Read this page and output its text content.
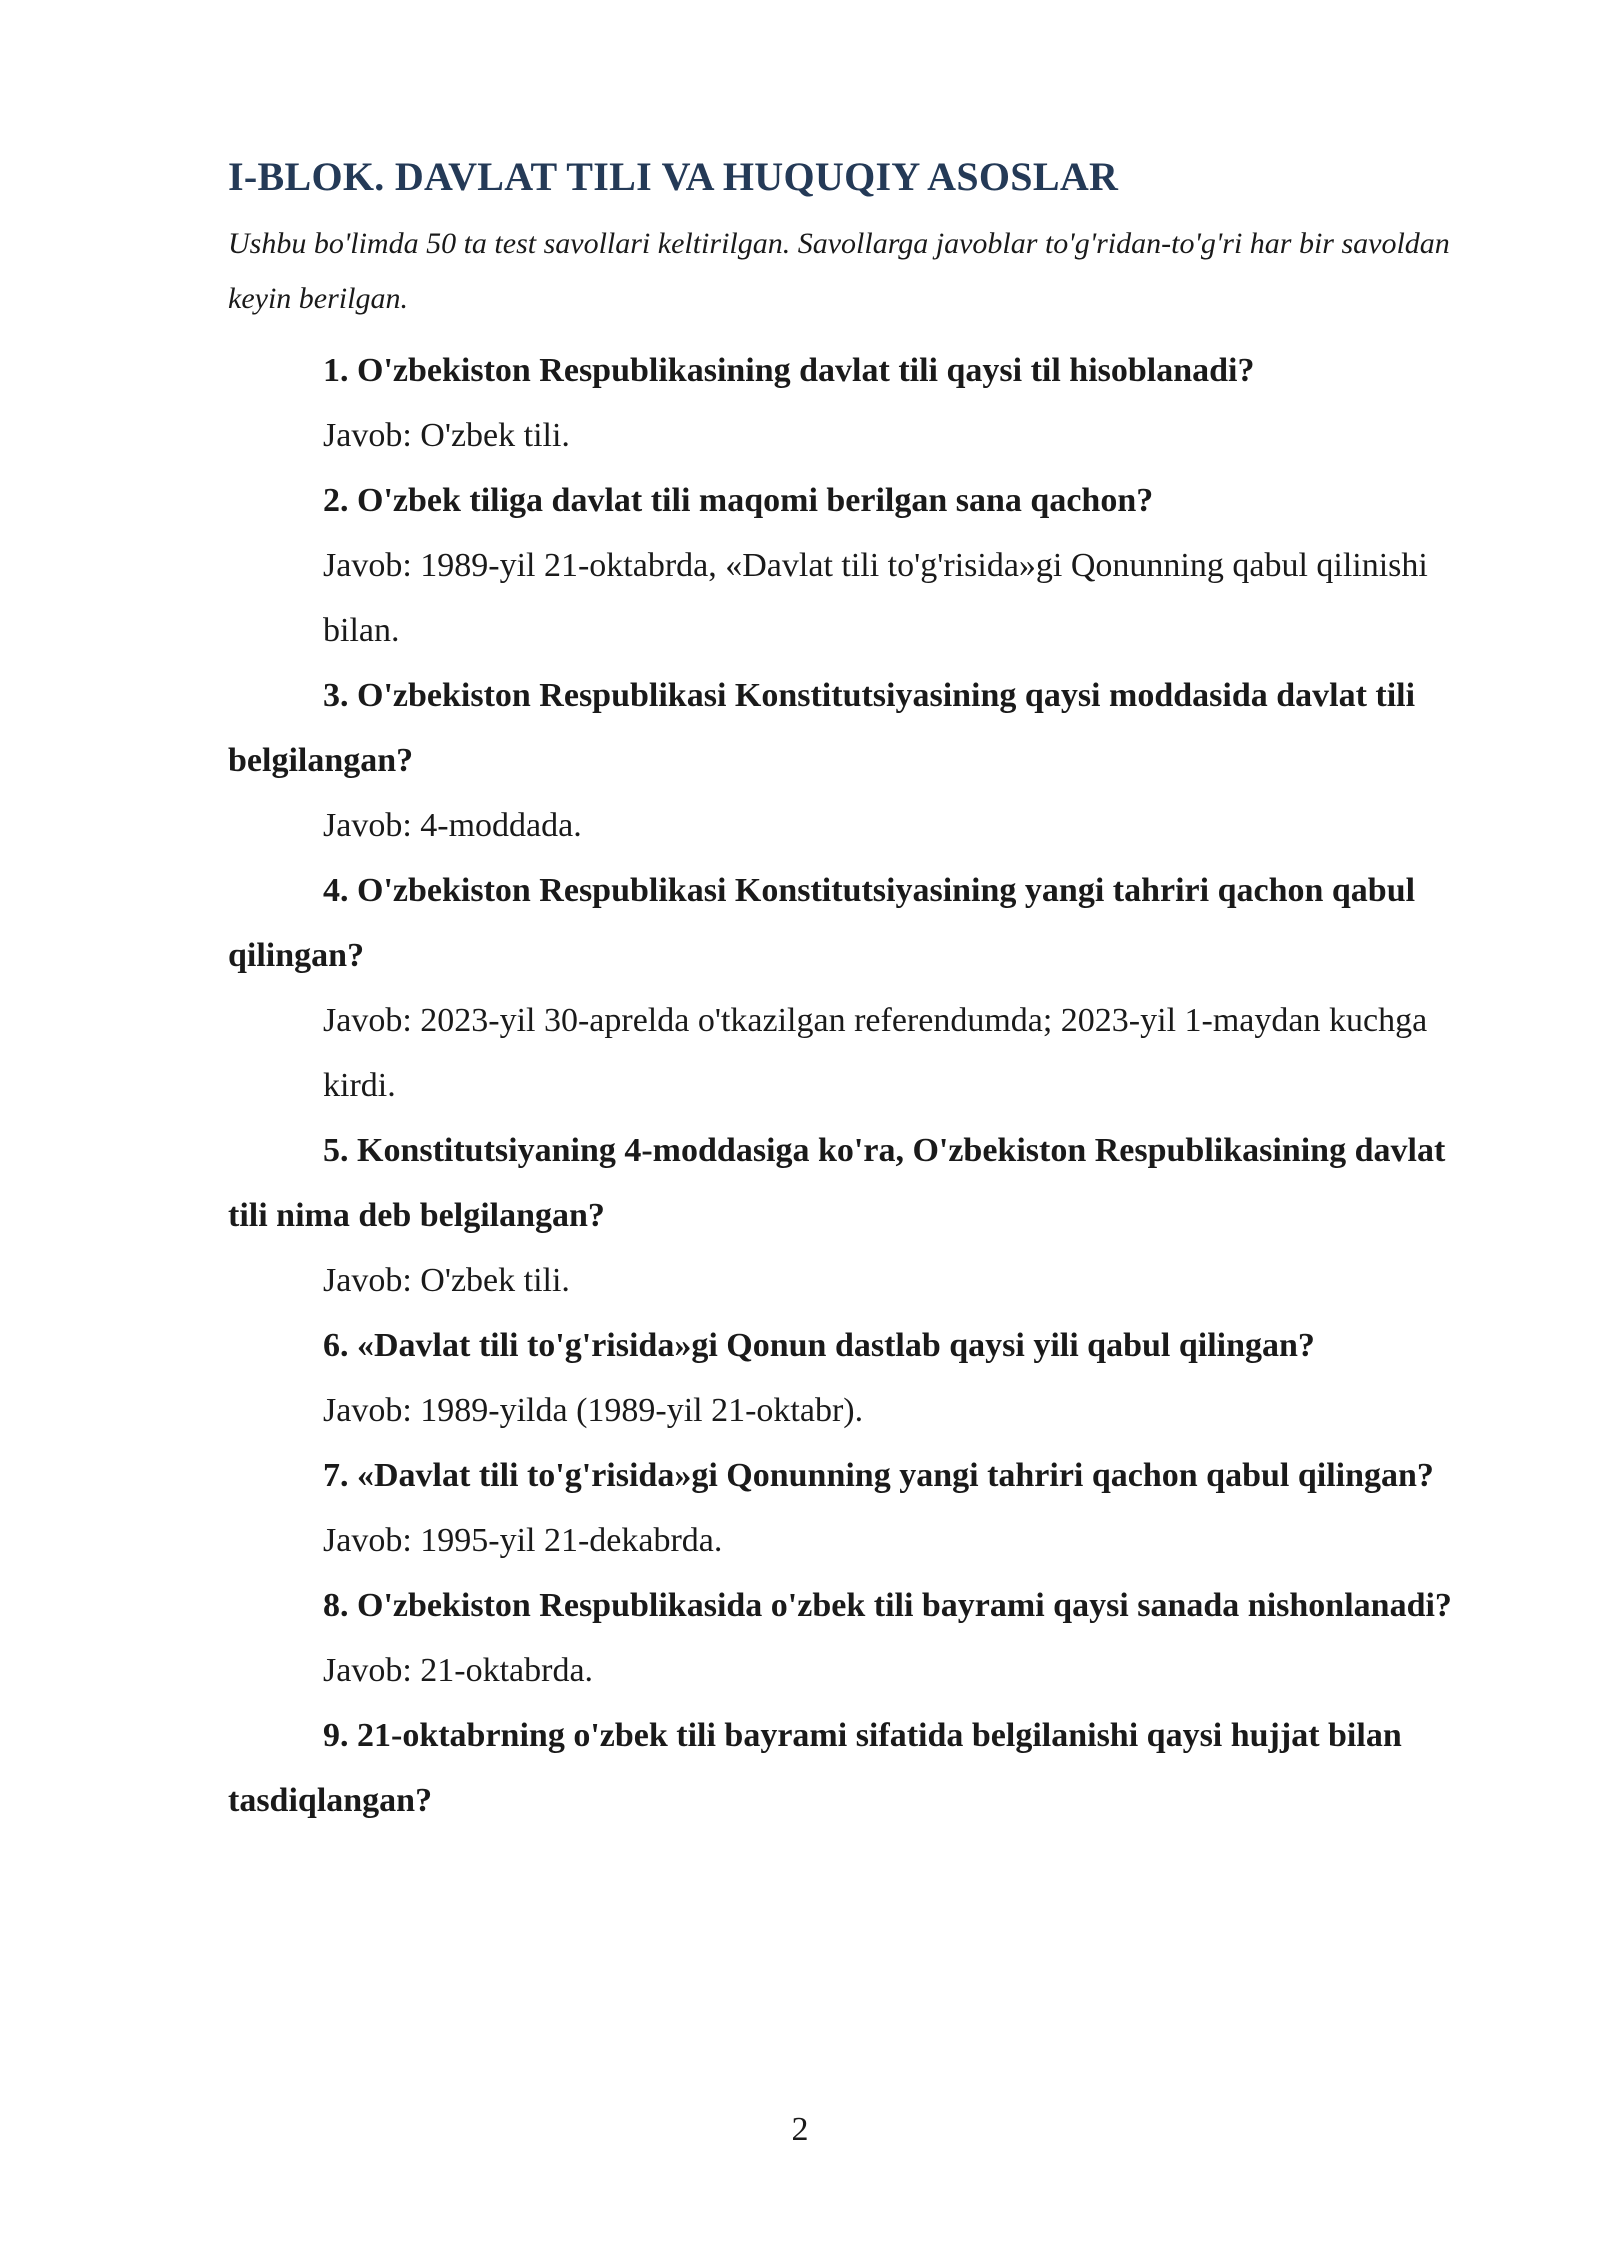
I-BLOK. DAVLAT TILI VA HUQUQIY ASOSLAR

Ushbu bo'limda 50 ta test savollari keltirilgan. Savollarga javoblar to'g'ridan-to'g'ri har bir savoldan keyin berilgan.

1. O'zbekiston Respublikasining davlat tili qaysi til hisoblanadi?

Javob: O'zbek tili.

2. O'zbek tiliga davlat tili maqomi berilgan sana qachon?

Javob: 1989-yil 21-oktabrda, «Davlat tili to'g'risida»gi Qonunning qabul qilinishi bilan.

3. O'zbekiston Respublikasi Konstitutsiyasining qaysi moddasida davlat tili belgilangan?

Javob: 4-moddada.

4. O'zbekiston Respublikasi Konstitutsiyasining yangi tahriri qachon qabul qilingan?

Javob: 2023-yil 30-aprelda o'tkazilgan referendumda; 2023-yil 1-maydan kuchga kirdi.

5. Konstitutsiyaning 4-moddasiga ko'ra, O'zbekiston Respublikasining davlat tili nima deb belgilangan?

Javob: O'zbek tili.

6. «Davlat tili to'g'risida»gi Qonun dastlab qaysi yili qabul qilingan?

Javob: 1989-yilda (1989-yil 21-oktabr).

7. «Davlat tili to'g'risida»gi Qonunning yangi tahriri qachon qabul qilingan?

Javob: 1995-yil 21-dekabrda.

8. O'zbekiston Respublikasida o'zbek tili bayrami qaysi sanada nishonlanadi?

Javob: 21-oktabrda.

9. 21-oktabrning o'zbek tili bayrami sifatida belgilanishi qaysi hujjat bilan tasdiqlangan?

2
